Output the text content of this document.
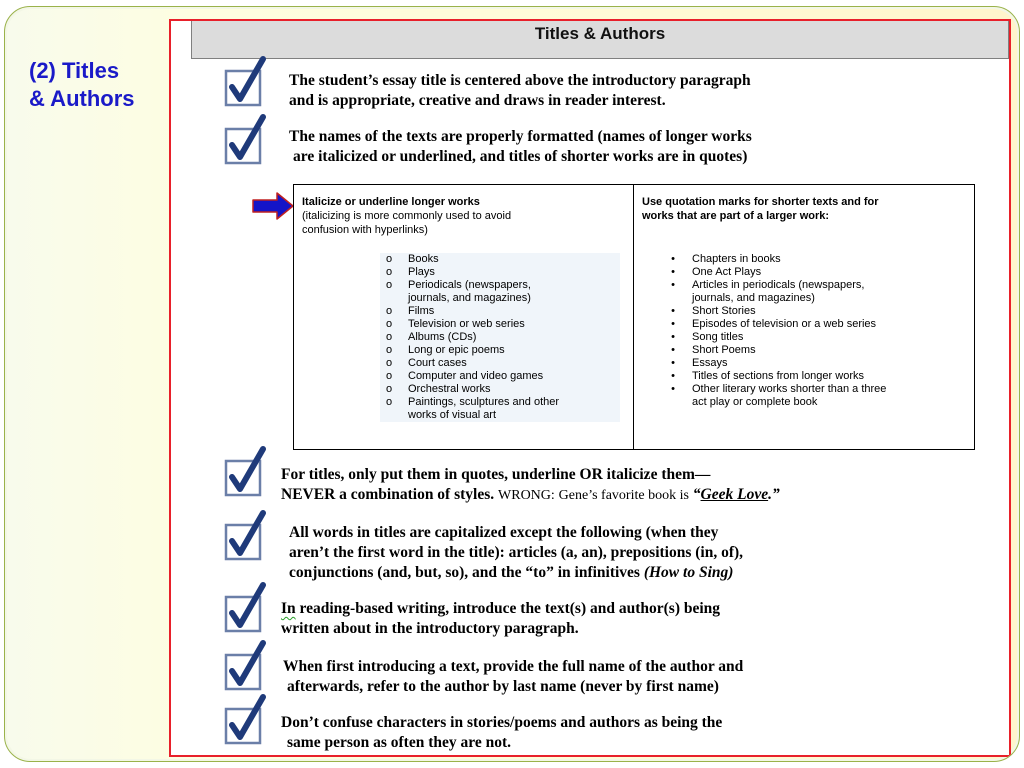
(2) Titles
& Authors
Titles & Authors
The student’s essay title is centered above the introductory paragraph
and is appropriate, creative and draws in reader interest.
The names of the texts are properly formatted (names of longer works
are italicized or underlined, and titles of shorter works are in quotes)
Italicize or underline longer works
(italicizing is more commonly used to avoid
confusion with hyperlinks)
o	Books
o	Plays
o	Periodicals (newspapers,
journals, and magazines)
o	Films
o	Television or web series
o	Albums (CDs)
o	Long or epic poems
o	Court cases
o	Computer and video games
o	Orchestral works
o	Paintings, sculptures and other
works of visual art
Use quotation marks for shorter texts and for
works that are part of a larger work:
•	Chapters in books
•	One Act Plays
•	Articles in periodicals (newspapers,
journals, and magazines)
•	Short Stories
•	Episodes of television or a web series
•	Song titles
•	Short Poems
•	Essays
•	Titles of sections from longer works
•	Other literary works shorter than a three
act play or complete book
For titles, only put them in quotes, underline OR italicize them—
NEVER a combination of styles. WRONG: Gene’s favorite book is “Geek Love.”
All words in titles are capitalized except the following (when they
aren’t the first word in the title): articles (a, an), prepositions (in, of),
conjunctions (and, but, so), and the “to” in infinitives (How to Sing)
In reading-based writing, introduce the text(s) and author(s) being
written about in the introductory paragraph.
When first introducing a text, provide the full name of the author and
afterwards, refer to the author by last name (never by first name)
Don’t confuse characters in stories/poems and authors as being the
same person as often they are not.
